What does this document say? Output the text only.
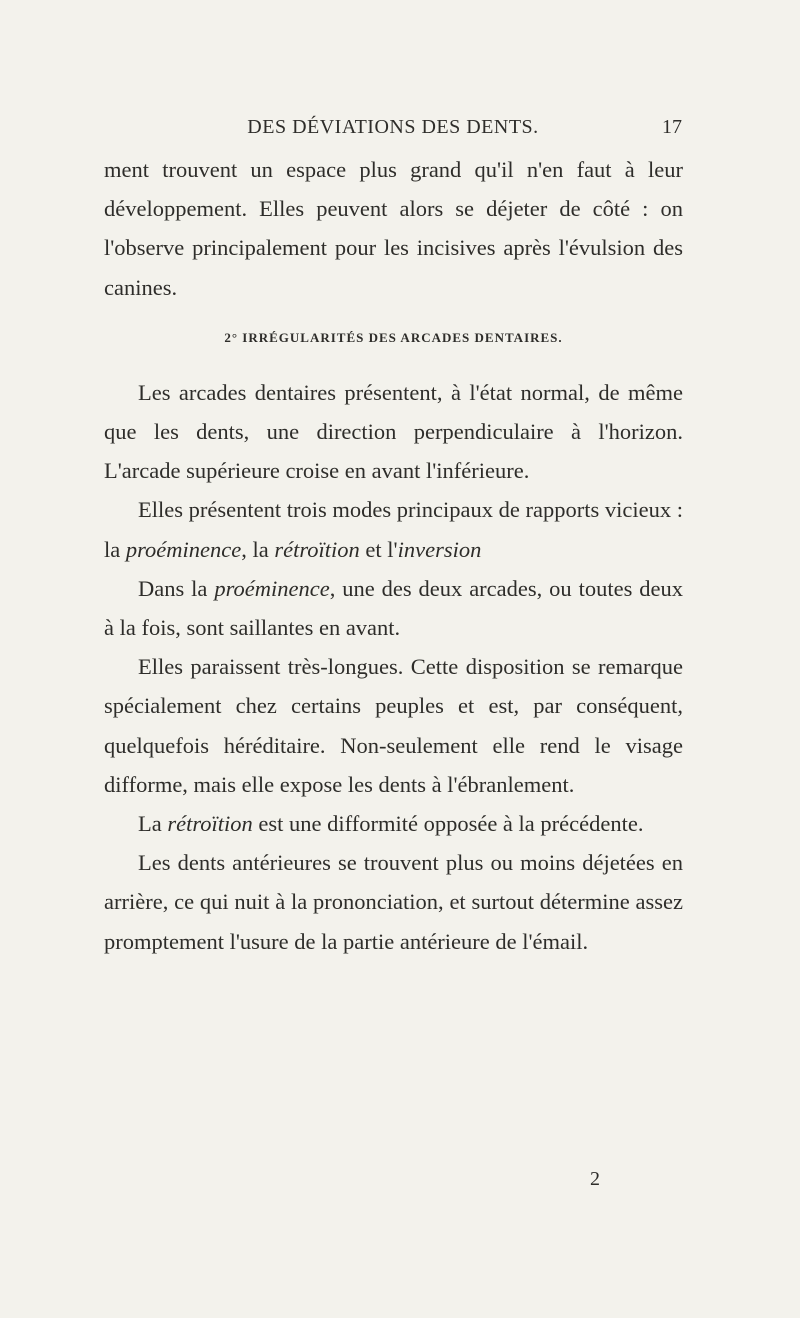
DES DÉVIATIONS DES DENTS.	17

ment trouvent un espace plus grand qu'il n'en faut à leur développement. Elles peuvent alors se déjeter de côté : on l'observe principalement pour les incisives après l'évulsion des canines.

2° IRRÉGULARITÉS DES ARCADES DENTAIRES.

Les arcades dentaires présentent, à l'état normal, de même que les dents, une direction perpendiculaire à l'horizon. L'arcade supérieure croise en avant l'inférieure.

Elles présentent trois modes principaux de rapports vicieux : la proéminence, la rétroïtion et l'inversion

Dans la proéminence, une des deux arcades, ou toutes deux à la fois, sont saillantes en avant.

Elles paraissent très-longues. Cette disposition se remarque spécialement chez certains peuples et est, par conséquent, quelquefois héréditaire. Non-seulement elle rend le visage difforme, mais elle expose les dents à l'ébranlement.

La rétroïtion est une difformité opposée à la précédente.

Les dents antérieures se trouvent plus ou moins déjetées en arrière, ce qui nuit à la prononciation, et surtout détermine assez promptement l'usure de la partie antérieure de l'émail.

2
